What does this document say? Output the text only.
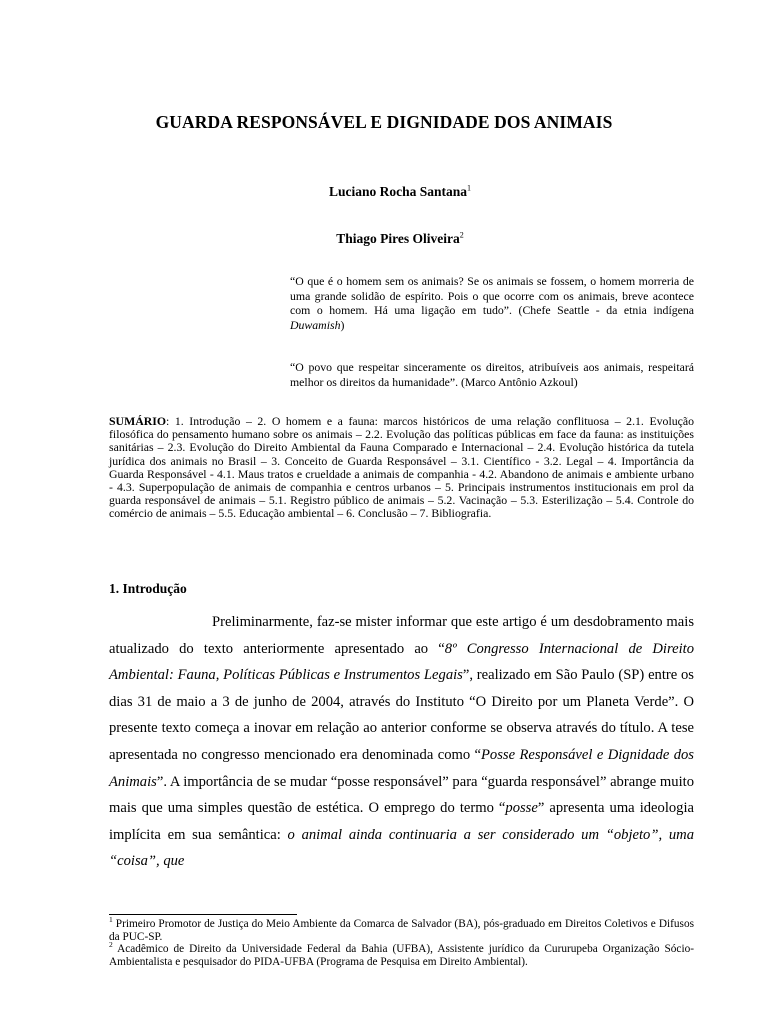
GUARDA RESPONSÁVEL E DIGNIDADE DOS ANIMAIS
Luciano Rocha Santana$^1$
Thiago Pires Oliveira$^2$
“O que é o homem sem os animais? Se os animais se fossem, o homem morreria de uma grande solidão de espírito. Pois o que ocorre com os animais, breve acontece com o homem. Há uma ligação em tudo”. (Chefe Seattle - da etnia indígena Duwamish)
“O povo que respeitar sinceramente os direitos, atribuíveis aos animais, respeitará melhor os direitos da humanidade”. (Marco Antônio Azkoul)
SUMÁRIO: 1. Introdução – 2. O homem e a fauna: marcos históricos de uma relação conflituosa – 2.1. Evolução filosófica do pensamento humano sobre os animais – 2.2. Evolução das políticas públicas em face da fauna: as instituições sanitárias – 2.3. Evolução do Direito Ambiental da Fauna Comparado e Internacional – 2.4. Evolução histórica da tutela jurídica dos animais no Brasil – 3. Conceito de Guarda Responsável – 3.1. Científico - 3.2. Legal – 4. Importância da Guarda Responsável - 4.1. Maus tratos e crueldade a animais de companhia - 4.2. Abandono de animais e ambiente urbano - 4.3. Superpopulação de animais de companhia e centros urbanos – 5. Principais instrumentos institucionais em prol da guarda responsável de animais – 5.1. Registro público de animais – 5.2. Vacinação – 5.3. Esterilização – 5.4. Controle do comércio de animais – 5.5. Educação ambiental – 6. Conclusão – 7. Bibliografia.
1. Introdução
Preliminarmente, faz-se mister informar que este artigo é um desdobramento mais atualizado do texto anteriormente apresentado ao “8º Congresso Internacional de Direito Ambiental: Fauna, Políticas Públicas e Instrumentos Legais”, realizado em São Paulo (SP) entre os dias 31 de maio a 3 de junho de 2004, através do Instituto “O Direito por um Planeta Verde”. O presente texto começa a inovar em relação ao anterior conforme se observa através do título. A tese apresentada no congresso mencionado era denominada como “Posse Responsável e Dignidade dos Animais”. A importância de se mudar “posse responsável” para “guarda responsável” abrange muito mais que uma simples questão de estética. O emprego do termo “posse” apresenta uma ideologia implícita em sua semântica: o animal ainda continuaria a ser considerado um “objeto”, uma “coisa”, que

$^1$ Primeiro Promotor de Justiça do Meio Ambiente da Comarca de Salvador (BA), pós-graduado em Direitos Coletivos e Difusos da PUC-SP.

$^2$ Acadêmico de Direito da Universidade Federal da Bahia (UFBA), Assistente jurídico da Cururupeba Organização Sócio-Ambientalista e pesquisador do PIDA-UFBA (Programa de Pesquisa em Direito Ambiental).
